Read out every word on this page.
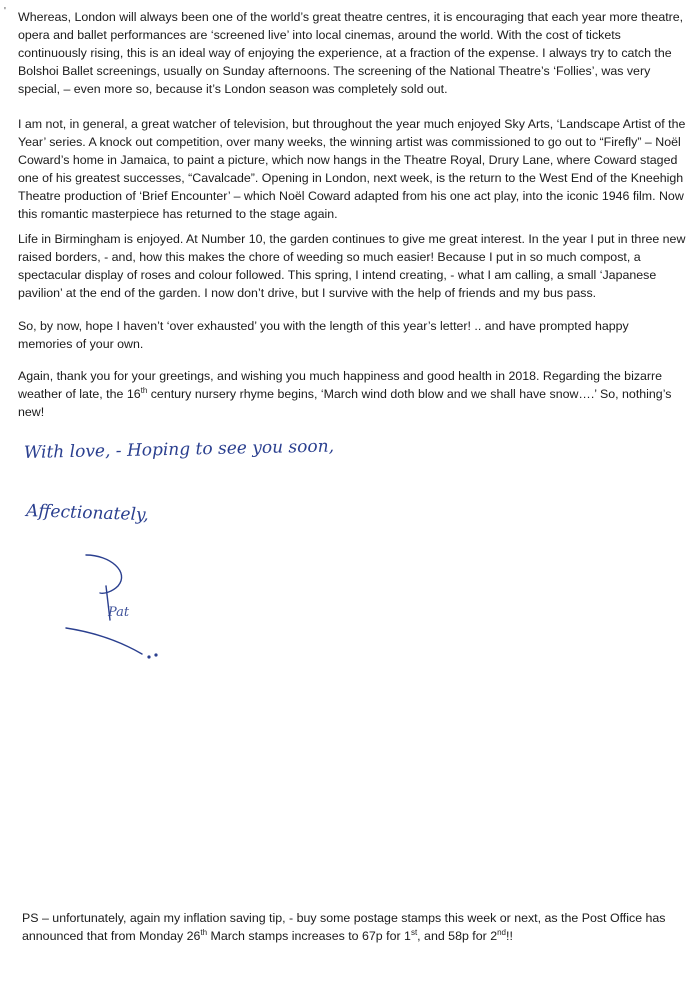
' Whereas, London will always been one of the world’s great theatre centres, it is encouraging that each year more theatre, opera and ballet performances are ‘screened live’ into local cinemas, around the world. With the cost of tickets continuously rising, this is an ideal way of enjoying the experience, at a fraction of the expense. I always try to catch the Bolshoi Ballet screenings, usually on Sunday afternoons. The screening of the National Theatre’s ‘Follies’, was very special, – even more so, because it’s London season was completely sold out.

I am not, in general, a great watcher of television, but throughout the year much enjoyed Sky Arts, ‘Landscape Artist of the Year’ series. A knock out competition, over many weeks, the winning artist was commissioned to go out to “Firefly” – Noël Coward’s home in Jamaica, to paint a picture, which now hangs in the Theatre Royal, Drury Lane, where Coward staged one of his greatest successes, “Cavalcade”. Opening in London, next week, is the return to the West End of the Kneehigh Theatre production of ‘Brief Encounter’ – which Noël Coward adapted from his one act play, into the iconic 1946 film. Now this romantic masterpiece has returned to the stage again.

Life in Birmingham is enjoyed. At Number 10, the garden continues to give me great interest. In the year I put in three new raised borders, - and, how this makes the chore of weeding so much easier! Because I put in so much compost, a spectacular display of roses and colour followed. This spring, I intend creating, - what I am calling, a small ‘Japanese pavilion’ at the end of the garden. I now don’t drive, but I survive with the help of friends and my bus pass.

So, by now, hope I haven’t ‘over exhausted’ you with the length of this year’s letter! .. and have prompted happy memories of your own.

Again, thank you for your greetings, and wishing you much happiness and good health in 2018. Regarding the bizarre weather of late, the 16th century nursery rhyme begins, ‘March wind doth blow and we shall have snow….’ So, nothing’s new!

With love, - Hoping to see you soon,
Affectionately,
Pat

PS – unfortunately, again my inflation saving tip, - buy some postage stamps this week or next, as the Post Office has announced that from Monday 26th March stamps increases to 67p for 1st, and 58p for 2nd!!
